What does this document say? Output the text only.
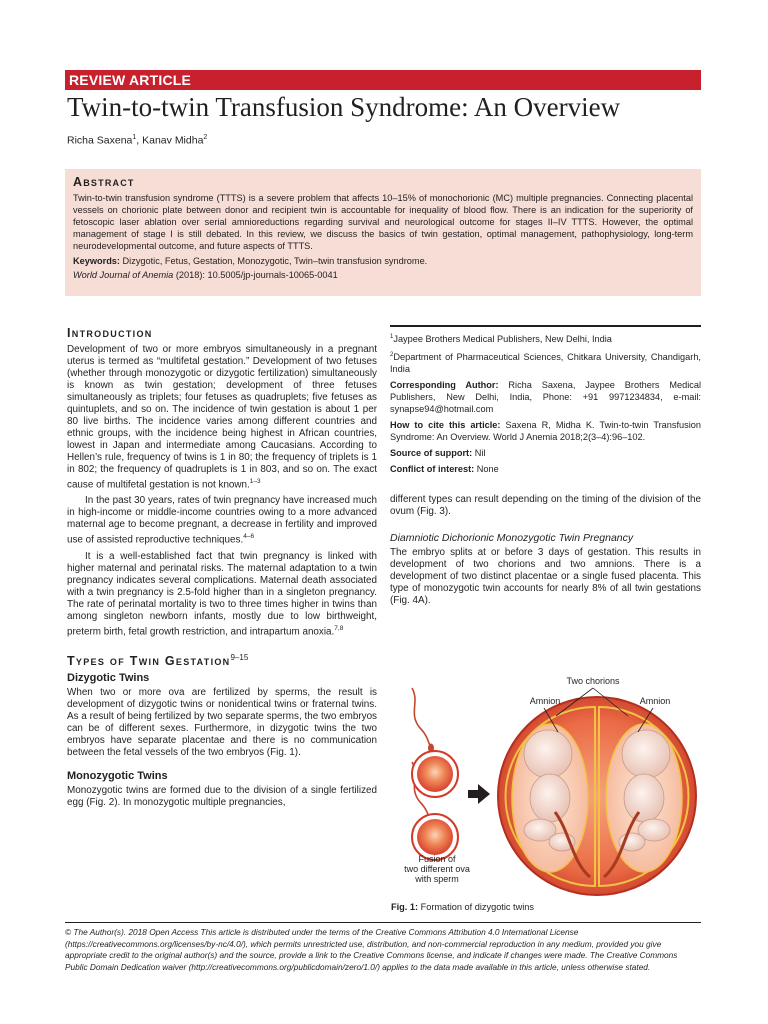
REVIEW ARTICLE
Twin-to-twin Transfusion Syndrome: An Overview
Richa Saxena$^1$, Kanav Midha$^2$
Abstract

Twin-to-twin transfusion syndrome (TTTS) is a severe problem that affects 10–15% of monochorionic (MC) multiple pregnancies. Connecting placental vessels on chorionic plate between donor and recipient twin is accountable for inequality of blood flow. There is an indication for the superiority of fetoscopic laser ablation over serial amnioreductions regarding survival and neurological outcome for stages II–IV TTTS. However, the optimal management of stage I is still debated. In this review, we discuss the basics of twin gestation, optimal management, pathophysiology, long-term neurodevelopmental outcome, and future aspects of TTTS.

Keywords: Dizygotic, Fetus, Gestation, Monozygotic, Twin–twin transfusion syndrome.

World Journal of Anemia (2018): 10.5005/jp-journals-10065-0041

Introduction

Development of two or more embryos simultaneously in a pregnant uterus is termed as “multifetal gestation.” Development of two fetuses (whether through monozygotic or dizygotic fertilization) simultaneously is known as twin gestation; development of three fetuses simultaneously as triplets; four fetuses as quadruplets; five fetuses as quintuplets, and so on. The incidence of twin gestation is about 1 per 80 live births. The incidence varies among different countries and ethnic groups, with the incidence being highest in African countries, lowest in Japan and intermediate among Caucasians. According to Hellen’s rule, frequency of twins is 1 in 80; the frequency of triplets is 1 in 802; the frequency of quadruplets is 1 in 803, and so on. The exact cause of multifetal gestation is not known.$^{1-3}$

In the past 30 years, rates of twin pregnancy have increased much in high-income or middle-income countries owing to a more advanced maternal age to become pregnant, a decrease in fertility and improved use of assisted reproductive techniques.$^{4-6}$

It is a well-established fact that twin pregnancy is linked with higher maternal and perinatal risks. The maternal adaptation to a twin pregnancy indicates several complications. Maternal death associated with a twin pregnancy is 2.5-fold higher than in a singleton pregnancy. The rate of perinatal mortality is two to three times higher in twins than among singleton newborn infants, mostly due to low birthweight, preterm birth, fetal growth restriction, and intrapartum anoxia.$^{7,8}$

Types of Twin Gestation$^{9-15}$
Dizygotic Twins

When two or more ova are fertilized by sperms, the result is development of dizygotic twins or nonidentical twins or fraternal twins. As a result of being fertilized by two separate sperms, the two embryos can be of different sexes. Furthermore, in dizygotic twins the two embryos have separate placentae and there is no communication between the fetal vessels of the two embryos (Fig. 1).

Monozygotic Twins

Monozygotic twins are formed due to the division of a single fertilized egg (Fig. 2). In monozygotic multiple pregnancies,

$^1$Jaypee Brothers Medical Publishers, New Delhi, India

$^2$Department of Pharmaceutical Sciences, Chitkara University, Chandigarh, India

Corresponding Author: Richa Saxena, Jaypee Brothers Medical Publishers, New Delhi, India, Phone: +91 9971234834, e-mail: synapse94@hotmail.com

How to cite this article: Saxena R, Midha K. Twin-to-twin Transfusion Syndrome: An Overview. World J Anemia 2018;2(3–4):96–102.

Source of support: Nil

Conflict of interest: None

different types can result depending on the timing of the division of the ovum (Fig. 3).

Diamniotic Dichorionic Monozygotic Twin Pregnancy

The embryo splits at or before 3 days of gestation. This results in development of two chorions and two amnions. There is a development of two distinct placentae or a single fused placenta. This type of monozygotic twin accounts for nearly 8% of all twin gestations (Fig. 4A).

Fusion of
two different ova
with sperm
Two chorions
Amnion	Amnion
Fig. 1: Formation of dizygotic twins

© The Author(s). 2018 Open Access This article is distributed under the terms of the Creative Commons Attribution 4.0 International License (https://creativecommons.org/licenses/by-nc/4.0/), which permits unrestricted use, distribution, and non-commercial reproduction in any medium, provided you give appropriate credit to the original author(s) and the source, provide a link to the Creative Commons license, and indicate if changes were made. The Creative Commons Public Domain Dedication waiver (http://creativecommons.org/publicdomain/zero/1.0/) applies to the data made available in this article, unless otherwise stated.
